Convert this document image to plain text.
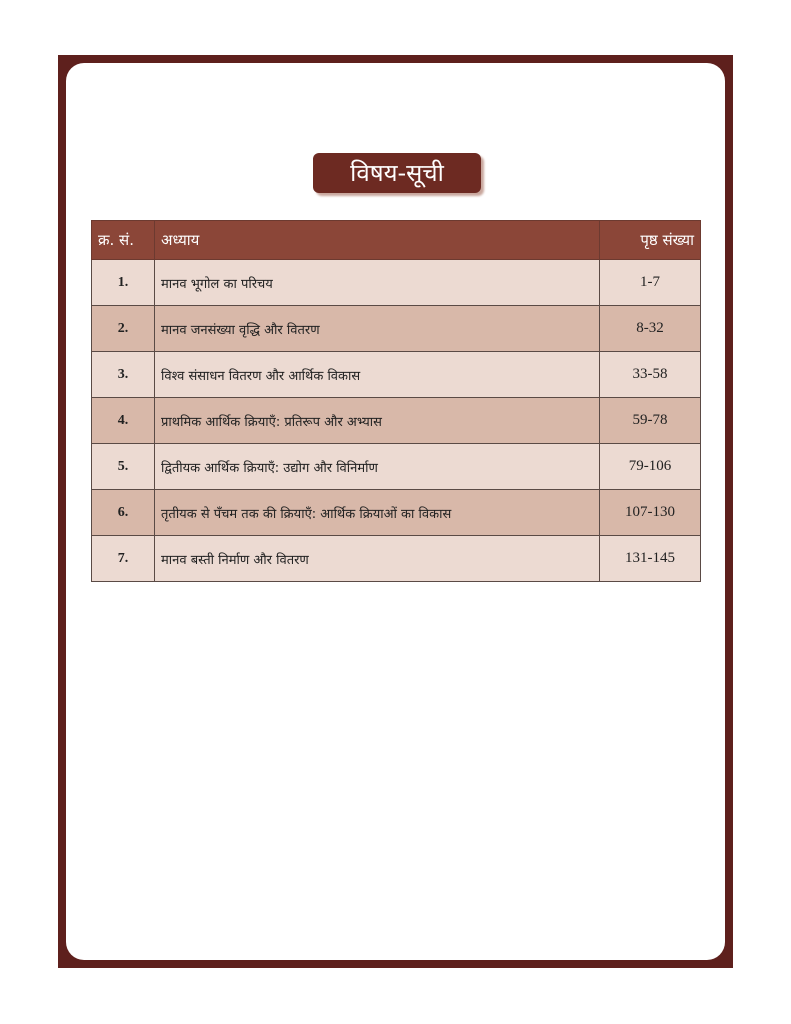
विषय-सूची
क्र. सं.	अध्याय	पृष्ठ संख्या
1.	मानव भूगोल का परिचय	1-7
2.	मानव जनसंख्या वृद्धि और वितरण	8-32
3.	विश्व संसाधन वितरण और आर्थिक विकास	33-58
4.	प्राथमिक आर्थिक क्रियाएँ: प्रतिरूप और अभ्यास	59-78
5.	द्वितीयक आर्थिक क्रियाएँ: उद्योग और विनिर्माण	79-106
6.	तृतीयक से पँचम तक की क्रियाएँ: आर्थिक क्रियाओं का विकास	107-130
7.	मानव बस्ती निर्माण और वितरण	131-145
